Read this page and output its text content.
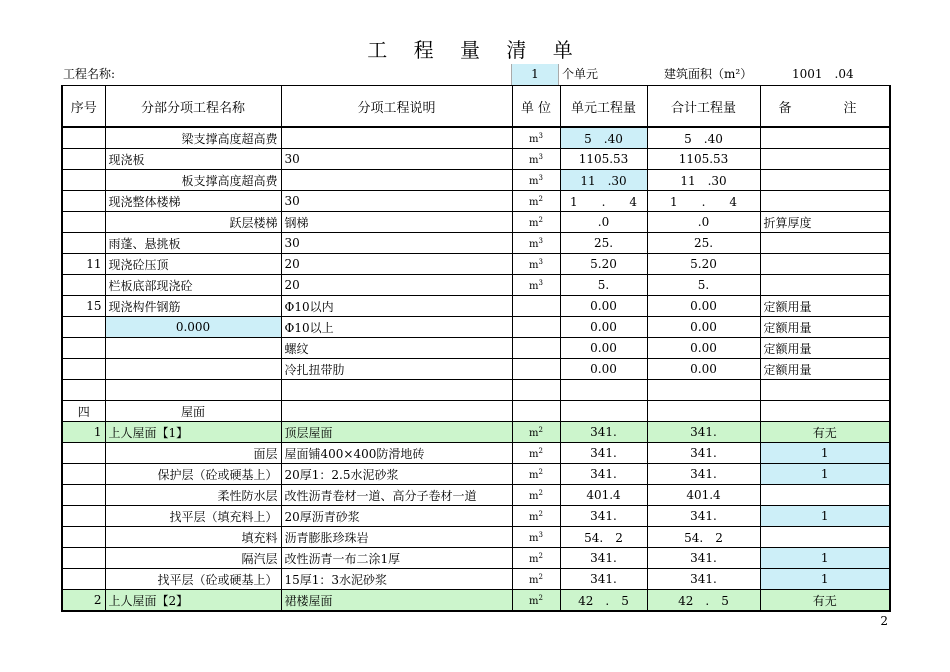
工 程 量 清 单
工程名称:	1	个单元	建筑面积（m²）	1001　.04
序号	分部分项工程名称	分项工程说明	单 位	单元工程量	合计工程量	备　　　　注
	梁支撑高度超高费		$m^3$	5　.40	5　.40	
	现浇板	30	$m^3$	1105.53	1105.53	
	板支撑高度超高费		$m^3$	11　.30	11　.30	
	现浇整体楼梯	30	$m^2$	1　　.　　4	1　　.　　4	
	跃层楼梯	钢梯	$m^2$	.0	.0	折算厚度
	雨蓬、悬挑板	30	$m^3$	25.	25.	
11	现浇砼压顶	20	$m^3$	5.20	5.20	
	栏板底部现浇砼	20	$m^3$	5.	5.	
15	现浇构件钢筋	Φ10以内		0.00	0.00	定额用量
	0.000	Φ10以上		0.00	0.00	定额用量
		螺纹		0.00	0.00	定额用量
		冷扎扭带肋		0.00	0.00	定额用量

四	屋面					
1	上人屋面【1】	顶层屋面	$m^2$	341.	341.	有无
	面层	屋面铺400×400防滑地砖	$m^2$	341.	341.	1
	保护层（砼或硬基上）	20厚1：2.5水泥砂浆	$m^2$	341.	341.	1
	柔性防水层	改性沥青卷材一道、高分子卷材一道	$m^2$	401.4	401.4	
	找平层（填充料上）	20厚沥青砂浆	$m^2$	341.	341.	1
	填充料	沥青膨胀珍珠岩	$m^3$	54.　2	54.　2	
	隔汽层	改性沥青一布二涂1厚	$m^2$	341.	341.	1
	找平层（砼或硬基上）	15厚1：3水泥砂浆	$m^2$	341.	341.	1
2	上人屋面【2】	裙楼屋面	$m^2$	42　.　5	42　.　5	有无
2
